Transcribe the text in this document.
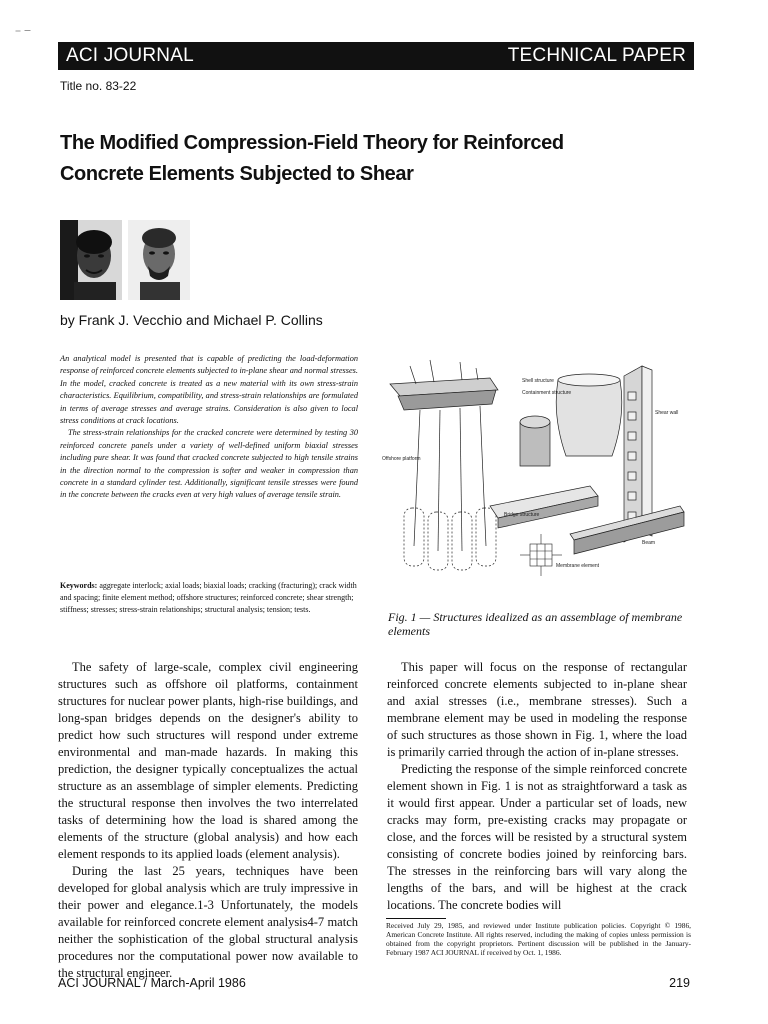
ACI JOURNAL	TECHNICAL PAPER
Title no. 83-22
The Modified Compression-Field Theory for Reinforced
Concrete Elements Subjected to Shear
by Frank J. Vecchio and Michael P. Collins

An analytical model is presented that is capable of predicting the load-deformation response of reinforced concrete elements subjected to in-plane shear and normal stresses. In the model, cracked concrete is treated as a new material with its own stress-strain characteristics. Equilibrium, compatibility, and stress-strain relationships are formulated in terms of average stresses and average strains. Consideration is also given to local stress conditions at crack locations.

The stress-strain relationships for the cracked concrete were determined by testing 30 reinforced concrete panels under a variety of well-defined uniform biaxial stresses including pure shear. It was found that cracked concrete subjected to high tensile strains in the direction normal to the compression is softer and weaker in compression than concrete in a standard cylinder test. Additionally, significant tensile stresses were found in the concrete between the cracks even at very high values of average tensile strain.

Keywords: aggregate interlock; axial loads; biaxial loads; cracking (fracturing); crack width and spacing; finite element method; offshore structures; reinforced concrete; shear strength; stiffness; stresses; stress-strain relationships; structural analysis; tension; tests.

Shell structure
Containment structure
Shear wall
Offshore platform
Bridge structure
Beam
Membrane element
Fig. 1 — Structures idealized as an assemblage of membrane elements

The safety of large-scale, complex civil engineering structures such as offshore oil platforms, containment structures for nuclear power plants, high-rise buildings, and long-span bridges depends on the designer's ability to predict how such structures will respond under extreme environmental and man-made hazards. In making this prediction, the designer typically conceptualizes the actual structure as an assemblage of simpler elements. Predicting the structural response then involves the two interrelated tasks of determining how the load is shared among the elements of the structure (global analysis) and how each element responds to its applied loads (element analysis).

During the last 25 years, techniques have been developed for global analysis which are truly impressive in their power and elegance.1-3 Unfortunately, the models available for reinforced concrete element analysis4-7 match neither the sophistication of the global structural analysis procedures nor the computational power now available to the structural engineer.

This paper will focus on the response of rectangular reinforced concrete elements subjected to in-plane shear and axial stresses (i.e., membrane stresses). Such a membrane element may be used in modeling the response of such structures as those shown in Fig. 1, where the load is primarily carried through the action of in-plane stresses.

Predicting the response of the simple reinforced concrete element shown in Fig. 1 is not as straightforward a task as it would first appear. Under a particular set of loads, new cracks may form, pre-existing cracks may propagate or close, and the forces will be resisted by a structural system consisting of concrete bodies joined by reinforcing bars. The stresses in the reinforcing bars will vary along the lengths of the bars, and will be highest at the crack locations. The concrete bodies will

Received July 29, 1985, and reviewed under Institute publication policies. Copyright © 1986, American Concrete Institute. All rights reserved, including the making of copies unless permission is obtained from the copyright proprietors. Pertinent discussion will be published in the January-February 1987 ACI JOURNAL if received by Oct. 1, 1986.
ACI JOURNAL / March-April 1986	219
